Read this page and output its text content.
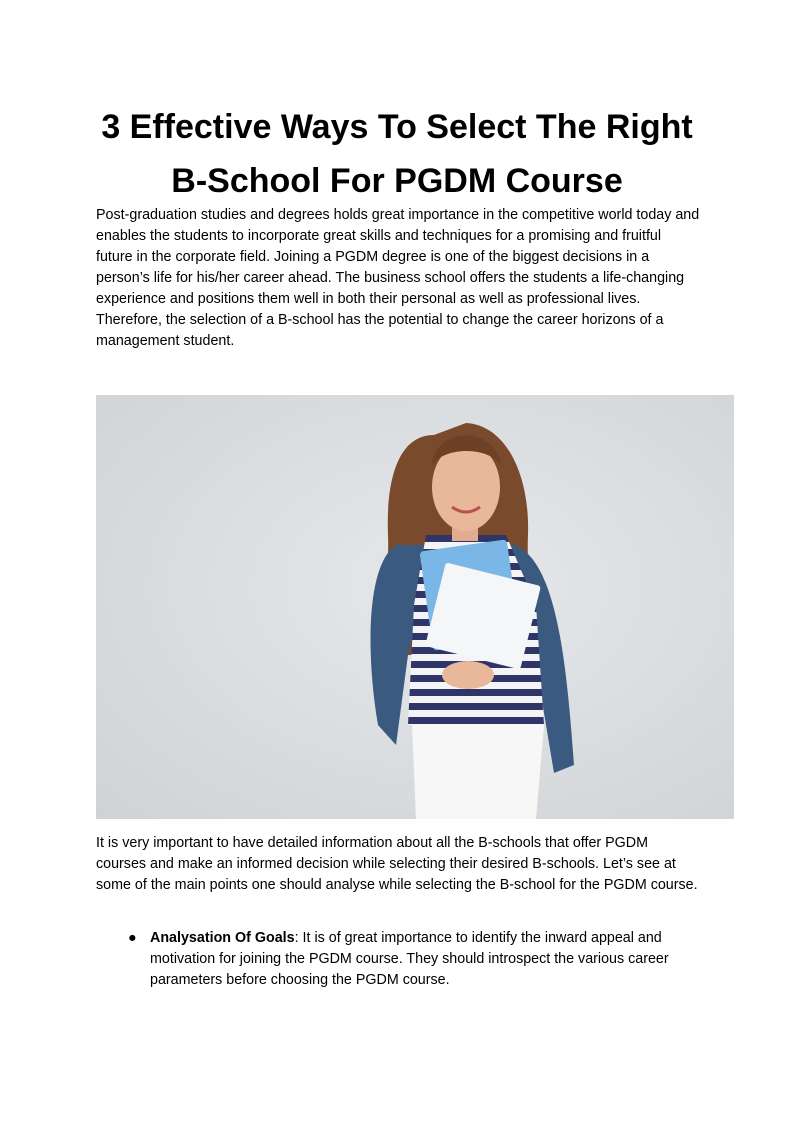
3 Effective Ways To Select The Right B-School For PGDM Course

Post-graduation studies and degrees holds great importance in the competitive world today and enables the students to incorporate great skills and techniques for a promising and fruitful future in the corporate field. Joining a PGDM degree is one of the biggest decisions in a person’s life for his/her career ahead. The business school offers the students a life-changing experience and positions them well in both their personal as well as professional lives. Therefore, the selection of a B-school has the potential to change the career horizons of a management student.

It is very important to have detailed information about all the B-schools that offer PGDM courses and make an informed decision while selecting their desired B-schools. Let’s see at some of the main points one should analyse while selecting the B-school for the PGDM course.

● Analysation Of Goals: It is of great importance to identify the inward appeal and motivation for joining the PGDM course. They should introspect the various career parameters before choosing the PGDM course.
